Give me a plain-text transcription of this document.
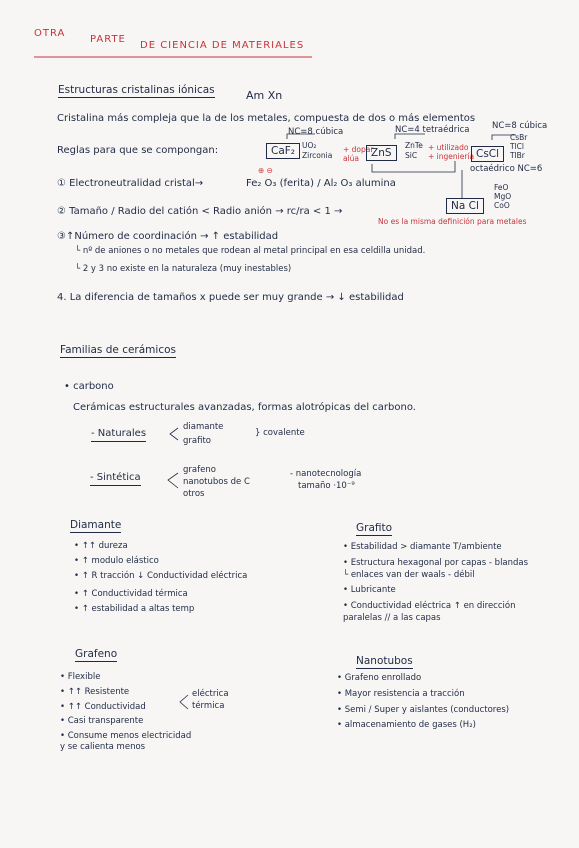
OTRA
PARTE
DE CIENCIA DE MATERIALES
Estructuras cristalinas iónicas	Am Xn
Cristalina más compleja que la de los metales, compuesta de dos o más elementos
Reglas para que se compongan:
NC=8 cúbica
CaF₂ UO₂
Zirconia
+ dopar
alúa
NC=4 tetraédrica
ZnS
ZnTe
SiC
+ utilizado
+ ingeniería
NC=8 cúbica
CsCl
CsBr
TlCl
TlBr
octaédrico NC=6
Na Cl
FeO
MgO
CoO
⊕ ⊖
① Electroneutralidad cristal→	Fe₂ O₃ (ferita) / Al₂ O₃ alumina
② Tamaño / Radio del catión < Radio anión → rc/ra < 1 →
No es la misma definición para metales
③↑Número de coordinación → ↑ estabilidad
└ nº de aniones o no metales que rodean al metal principal en esa celdilla unidad.
└ 2 y 3 no existe en la naturaleza (muy inestables)
4. La diferencia de tamaños x puede ser muy grande → ↓ estabilidad
Familias de cerámicos
• carbono
Cerámicas estructurales avanzadas, formas alotrópicas del carbono.
- Naturales
diamante
grafito
} covalente
- Sintética
grafeno
nanotubos de C
otros
- nanotecnología
tamaño ·10⁻⁹
Diamante
• ↑↑ dureza
• ↑ modulo elástico
• ↑ R tracción ↓ Conductividad eléctrica
• ↑ Conductividad térmica
• ↑ estabilidad a altas temp
Grafito
• Estabilidad > diamante T/ambiente
• Estructura hexagonal por capas - blandas
└ enlaces van der waals - débil
• Lubricante
• Conductividad eléctrica ↑ en dirección
paralelas // a las capas
Grafeno
• Flexible
• ↑↑ Resistente
• ↑↑ Conductividad
• Casi transparente
• Consume menos electricidad
y se calienta menos
eléctrica
térmica
Nanotubos
• Grafeno enrollado
• Mayor resistencia a tracción
• Semi / Super y aislantes (conductores)
• almacenamiento de gases (H₂)
